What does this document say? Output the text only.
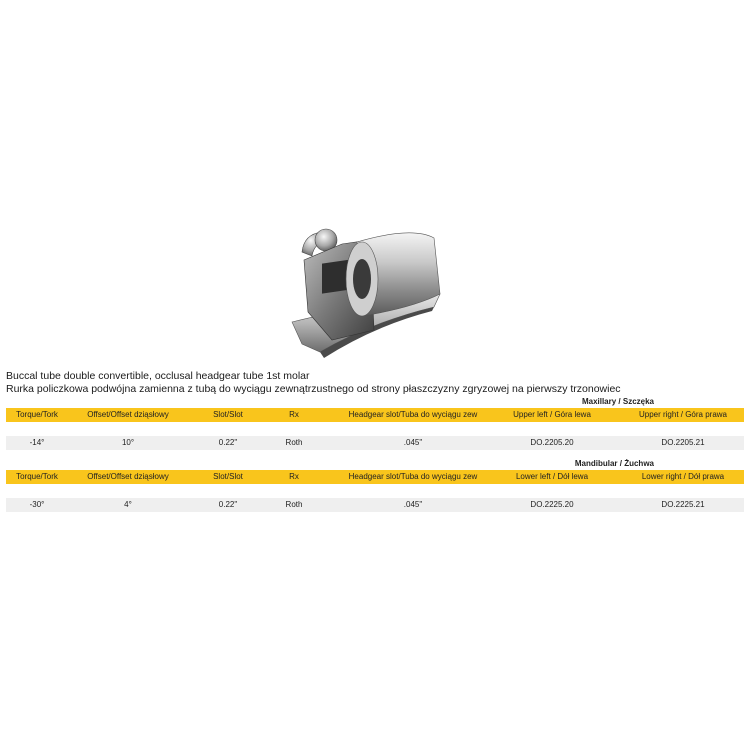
Buccal tube double convertible, occlusal headgear tube 1st molar
Rurka policzkowa podwójna zamienna z tubą do wyciągu zewnątrzustnego od strony płaszczyzny zgryzowej na pierwszy trzonowiec
Maxillary / Szczęka
Torque/Tork	Offset/Offset dziąsłowy	Slot/Slot	Rx	Headgear slot/Tuba do wyciągu zew	Upper left / Góra lewa	Upper right / Góra prawa
-14°	10°	0.22"	Roth	.045"	DO.2205.20	DO.2205.21
Mandibular / Żuchwa
Torque/Tork	Offset/Offset dziąsłowy	Slot/Slot	Rx	Headgear slot/Tuba do wyciągu zew	Lower left / Dół lewa	Lower right / Dół prawa
-30°	4°	0.22"	Roth	.045"	DO.2225.20	DO.2225.21
